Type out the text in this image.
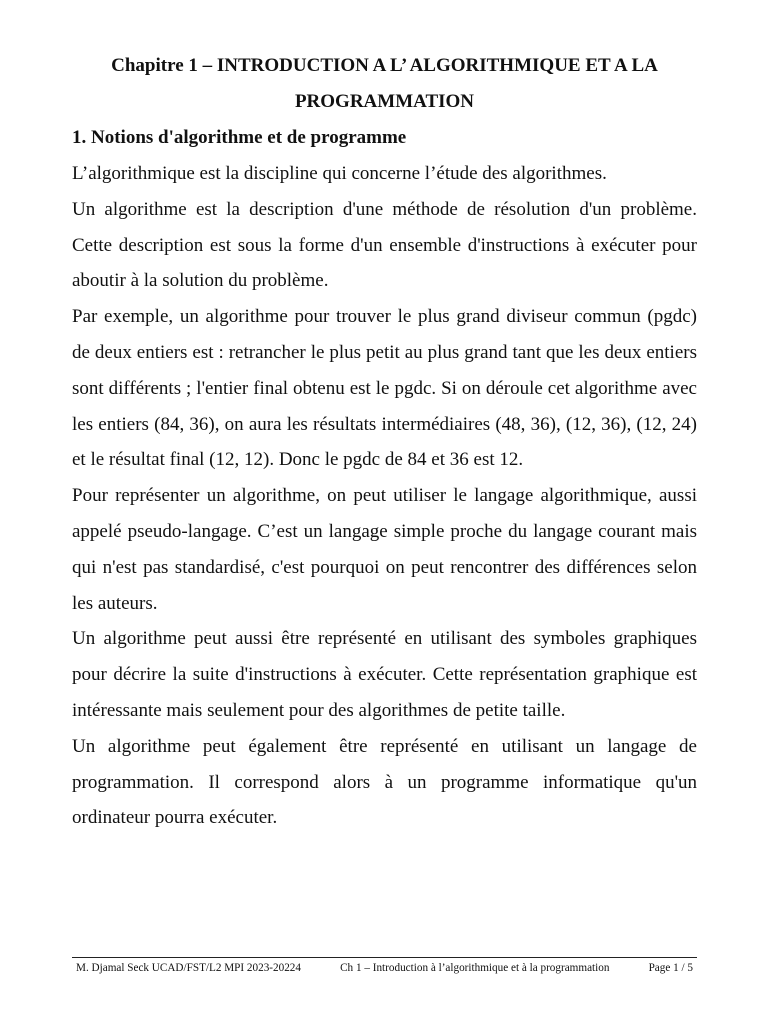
Chapitre 1 – INTRODUCTION A L’ ALGORITHMIQUE ET A LA PROGRAMMATION
1. Notions d'algorithme et de programme

L’algorithmique est la discipline qui concerne l’étude des algorithmes.

Un algorithme est la description d'une méthode de résolution d'un problème. Cette description est sous la forme d'un ensemble d'instructions à exécuter pour aboutir à la solution du problème.

Par exemple, un algorithme pour trouver le plus grand diviseur commun (pgdc) de deux entiers est : retrancher le plus petit au plus grand tant que les deux entiers sont différents ; l'entier final obtenu est le pgdc. Si on déroule cet algorithme avec les entiers (84, 36), on aura les résultats intermédiaires (48, 36), (12, 36), (12, 24) et le résultat final (12, 12). Donc le pgdc de 84 et 36 est 12.

Pour représenter un algorithme, on peut utiliser le langage algorithmique, aussi appelé pseudo-langage. C’est un langage simple proche du langage courant mais qui n'est pas standardisé, c'est pourquoi on peut rencontrer des différences selon les auteurs.

Un algorithme peut aussi être représenté en utilisant des symboles graphiques pour décrire la suite d'instructions à exécuter. Cette représentation graphique est intéressante mais seulement pour des algorithmes de petite taille.

Un algorithme peut également être représenté en utilisant un langage de programmation. Il correspond alors à un programme informatique qu'un ordinateur pourra exécuter.

M. Djamal Seck UCAD/FST/L2 MPI 2023-20224	Ch 1 – Introduction à l’algorithmique et à la programmation	Page 1 / 5
